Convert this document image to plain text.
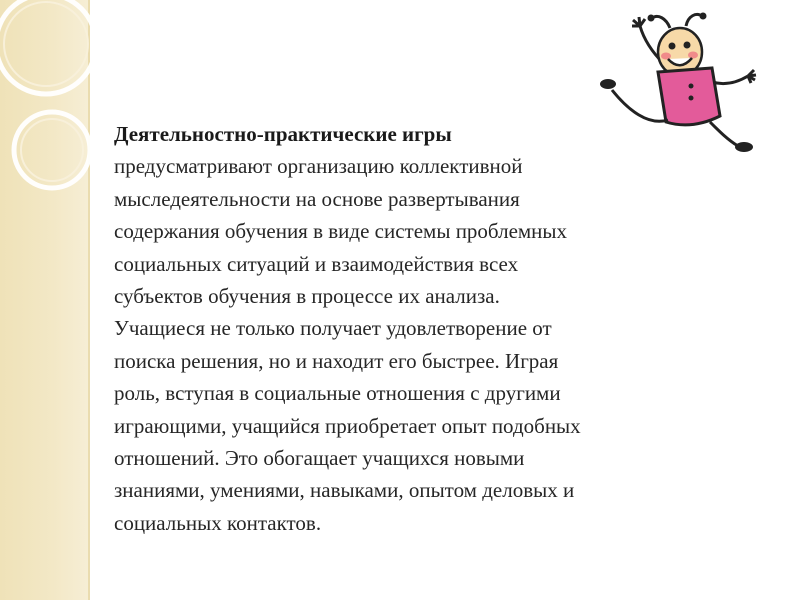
Деятельностно-практические игры
предусматривают организацию коллективной
мыследеятельности на основе развертывания
содержания обучения в виде системы проблемных
социальных ситуаций и взаимодействия всех
субъектов обучения в процессе их анализа.
Учащиеся не только получает удовлетворение от
поиска решения, но и находит его быстрее. Играя
роль, вступая в социальные отношения с другими
играющими, учащийся приобретает опыт подобных
отношений. Это обогащает учащихся новыми
знаниями, умениями, навыками, опытом деловых и
социальных контактов.
